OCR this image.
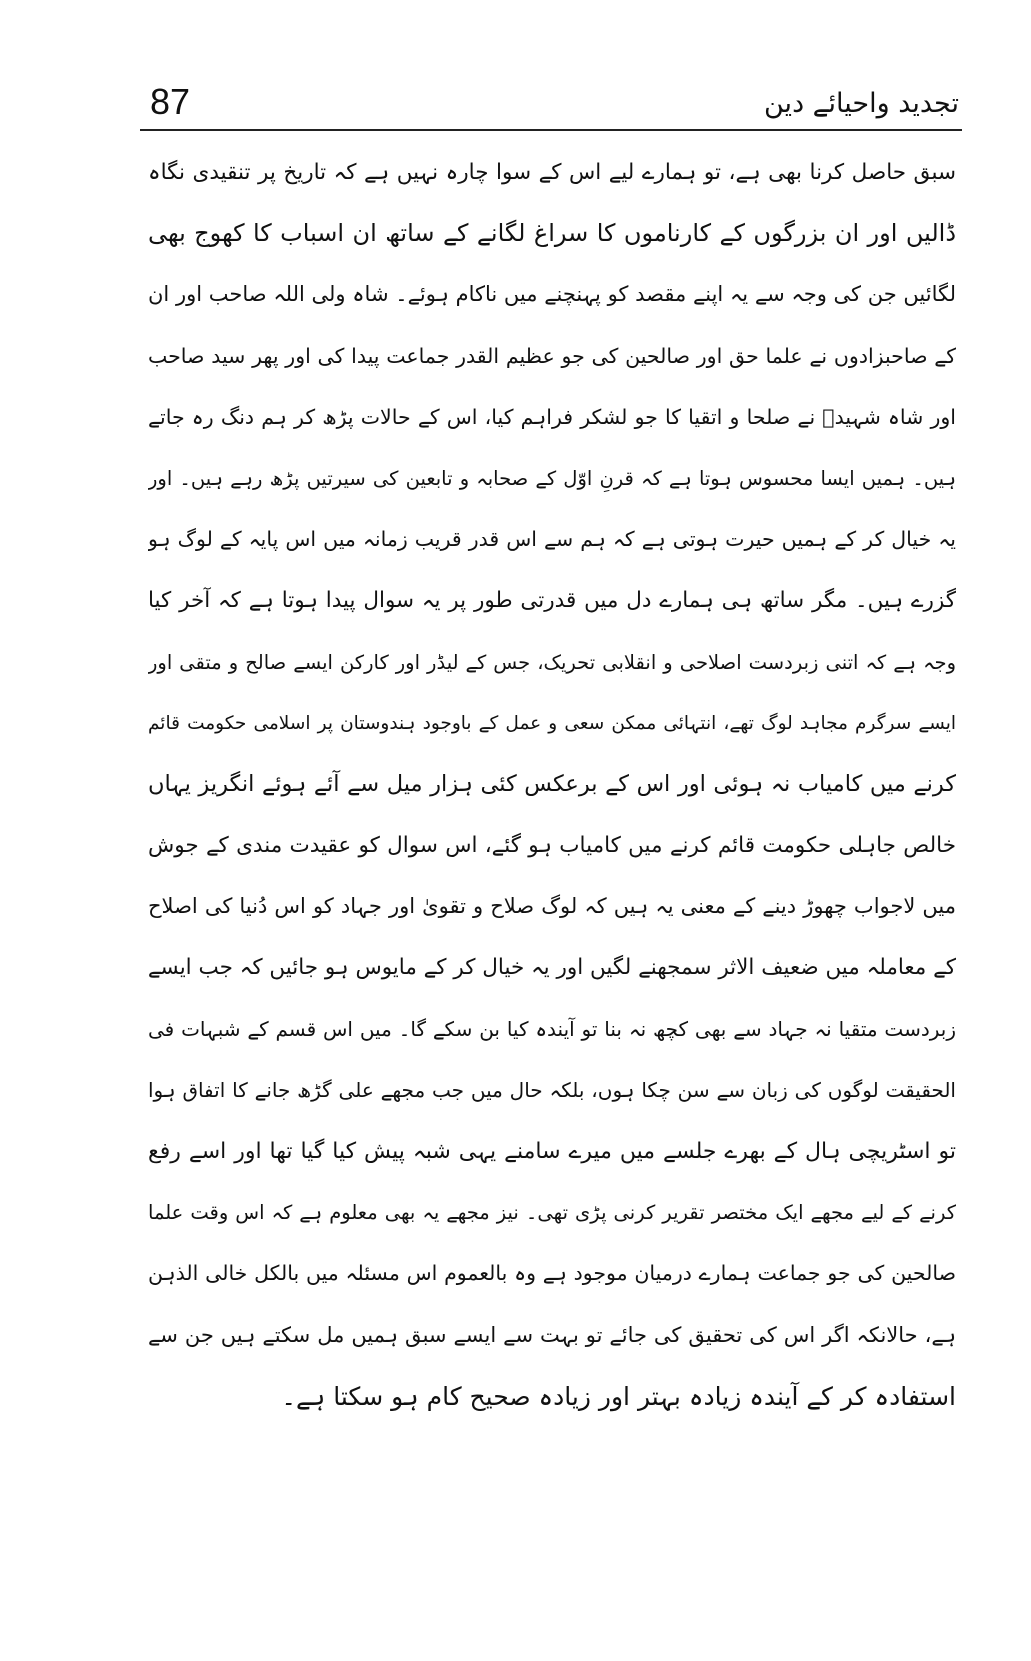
87	تجدید واحیائے دین
سبق حاصل کرنا بھی ہے، تو ہمارے لیے اس کے سوا چارہ نہیں ہے کہ تاریخ پر تنقیدی نگاہ
ڈالیں اور ان بزرگوں کے کارناموں کا سراغ لگانے کے ساتھ ان اسباب کا کھوج بھی
لگائیں جن کی وجہ سے یہ اپنے مقصد کو پہنچنے میں ناکام ہوئے۔ شاہ ولی اللہ صاحب اور ان
کے صاحبزادوں نے علما حق اور صالحین کی جو عظیم القدر جماعت پیدا کی اور پھر سید صاحب
اور شاہ شہیدؒ نے صلحا و اتقیا کا جو لشکر فراہم کیا، اس کے حالات پڑھ کر ہم دنگ رہ جاتے
ہیں۔ ہمیں ایسا محسوس ہوتا ہے کہ قرنِ اوّل کے صحابہ و تابعین کی سیرتیں پڑھ رہے ہیں۔ اور
یہ خیال کر کے ہمیں حیرت ہوتی ہے کہ ہم سے اس قدر قریب زمانہ میں اس پایہ کے لوگ ہو
گزرے ہیں۔ مگر ساتھ ہی ہمارے دل میں قدرتی طور پر یہ سوال پیدا ہوتا ہے کہ آخر کیا
وجہ ہے کہ اتنی زبردست اصلاحی و انقلابی تحریک، جس کے لیڈر اور کارکن ایسے صالح و متقی اور
ایسے سرگرم مجاہد لوگ تھے، انتہائی ممکن سعی و عمل کے باوجود ہندوستان پر اسلامی حکومت قائم
کرنے میں کامیاب نہ ہوئی اور اس کے برعکس کئی ہزار میل سے آئے ہوئے انگریز یہاں
خالص جاہلی حکومت قائم کرنے میں کامیاب ہو گئے، اس سوال کو عقیدت مندی کے جوش
میں لاجواب چھوڑ دینے کے معنی یہ ہیں کہ لوگ صلاح و تقویٰ اور جہاد کو اس دُنیا کی اصلاح
کے معاملہ میں ضعیف الاثر سمجھنے لگیں اور یہ خیال کر کے مایوس ہو جائیں کہ جب ایسے
زبردست متقیا نہ جہاد سے بھی کچھ نہ بنا تو آیندہ کیا بن سکے گا۔ میں اس قسم کے شبہات فی
الحقیقت لوگوں کی زبان سے سن چکا ہوں، بلکہ حال میں جب مجھے علی گڑھ جانے کا اتفاق ہوا
تو اسٹریچی ہال کے بھرے جلسے میں میرے سامنے یہی شبہ پیش کیا گیا تھا اور اسے رفع
کرنے کے لیے مجھے ایک مختصر تقریر کرنی پڑی تھی۔ نیز مجھے یہ بھی معلوم ہے کہ اس وقت علما
صالحین کی جو جماعت ہمارے درمیان موجود ہے وہ بالعموم اس مسئلہ میں بالکل خالی الذہن
ہے، حالانکہ اگر اس کی تحقیق کی جائے تو بہت سے ایسے سبق ہمیں مل سکتے ہیں جن سے
استفادہ کر کے آیندہ زیادہ بہتر اور زیادہ صحیح کام ہو سکتا ہے۔
